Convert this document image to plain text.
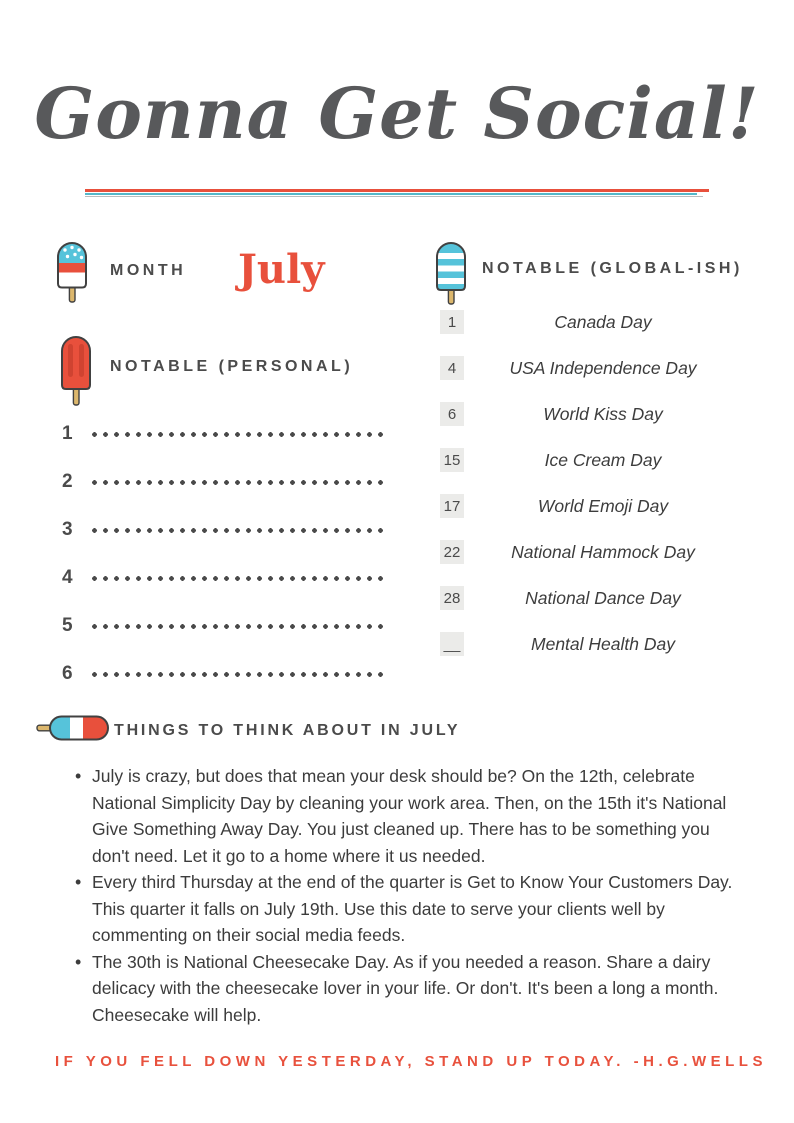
Gonna Get Social!
MONTH July
NOTABLE (PERSONAL)
1
2
3
4
5
6
NOTABLE (GLOBAL-ISH)
1	Canada Day
4	USA Independence Day
6	World Kiss Day
15	Ice Cream Day
17	World Emoji Day
22	National Hammock Day
28	National Dance Day
__	Mental Health Day
THINGS TO THINK ABOUT IN JULY
• July is crazy, but does that mean your desk should be? On the 12th, celebrate National Simplicity Day by cleaning your work area. Then, on the 15th it's National Give Something Away Day. You just cleaned up. There has to be something you don't need. Let it go to a home where it us needed.
• Every third Thursday at the end of the quarter is Get to Know Your Customers Day. This quarter it falls on July 19th. Use this date to serve your clients well by commenting on their social media feeds.
• The 30th is National Cheesecake Day. As if you needed a reason. Share a dairy delicacy with the cheesecake lover in your life. Or don't. It's been a long a month. Cheesecake will help.
IF YOU FELL DOWN YESTERDAY, STAND UP TODAY. -H.G.WELLS
